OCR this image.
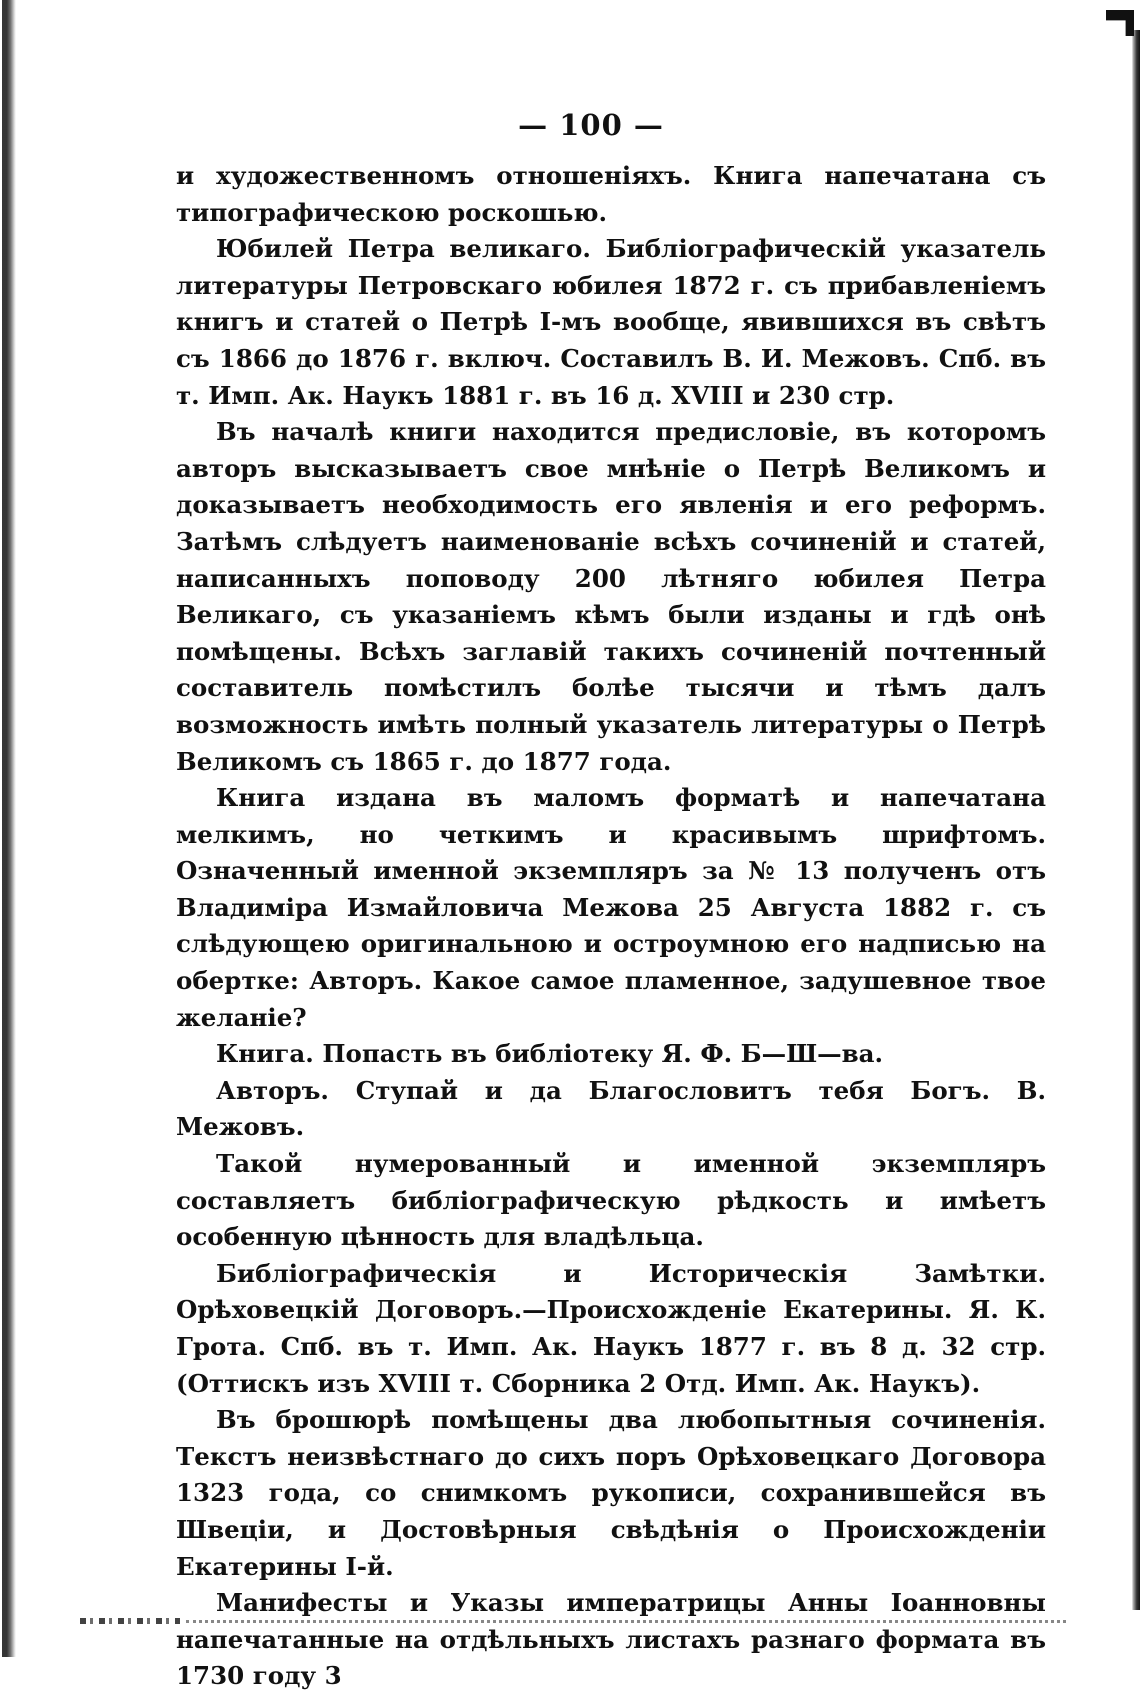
— 100 —

и художественномъ отношеніяхъ. Книга напечатана съ типографическою роскошью.

Юбилей Петра великаго. Библіографическій указатель литературы Петровскаго юбилея 1872 г. съ прибавленіемъ книгъ и статей о Петрѣ І-мъ вообще, явившихся въ свѣтъ съ 1866 до 1876 г. включ. Составилъ В. И. Межовъ. Спб. въ т. Имп. Ак. Наукъ 1881 г. въ 16 д. XVIII и 230 стр.

Въ началѣ книги находится предисловіе, въ которомъ авторъ высказываетъ свое мнѣніе о Петрѣ Великомъ и доказываетъ необходимость его явленія и его реформъ. Затѣмъ слѣдуетъ наименованіе всѣхъ сочиненій и статей, написанныхъ поповоду 200 лѣтняго юбилея Петра Великаго, съ указаніемъ кѣмъ были изданы и гдѣ онѣ помѣщены. Всѣхъ заглавій такихъ сочиненій почтенный составитель помѣстилъ болѣе тысячи и тѣмъ далъ возможность имѣть полный указатель литературы о Петрѣ Великомъ съ 1865 г. до 1877 года.

Книга издана въ маломъ форматѣ и напечатана мелкимъ, но четкимъ и красивымъ шрифтомъ. Означенный именной экземпляръ за № 13 полученъ отъ Владиміра Измайловича Межова 25 Августа 1882 г. съ слѣдующею оригинальною и остроумною его надписью на обертке: Авторъ. Какое самое пламенное, задушевное твое желаніе?

Книга. Попасть въ библіотеку Я. Ф. Б—Ш—ва.

Авторъ. Ступай и да Благословитъ тебя Богъ. В. Межовъ.

Такой нумерованный и именной экземпляръ составляетъ библіографическую рѣдкость и имѣетъ особенную цѣнность для владѣльца.

Библіографическія и Историческія Замѣтки. Орѣховецкій Договоръ.—Происхожденіе Екатерины. Я. К. Грота. Спб. въ т. Имп. Ак. Наукъ 1877 г. въ 8 д. 32 стр. (Оттискъ изъ XVIII т. Сборника 2 Отд. Имп. Ак. Наукъ).

Въ брошюрѣ помѣщены два любопытныя сочиненія. Текстъ неизвѣстнаго до сихъ поръ Орѣховецкаго Договора 1323 года, со снимкомъ рукописи, сохранившейся въ Швеціи, и Достовѣрныя свѣдѣнія о Происхожденіи Екатерины І-й.

Манифесты и Указы императрицы Анны Іоанновны напечатанные на отдѣльныхъ листахъ разнаго формата въ 1730 году 3
